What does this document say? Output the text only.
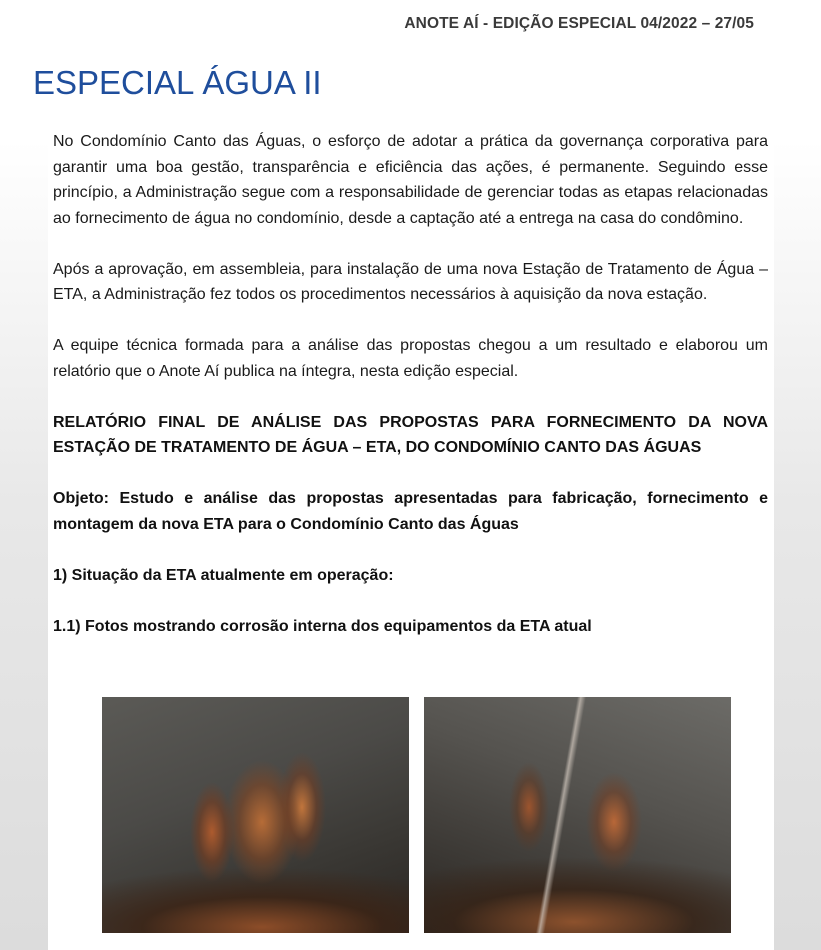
ANOTE AÍ - EDIÇÃO ESPECIAL 04/2022 – 27/05
ESPECIAL ÁGUA II

No Condomínio Canto das Águas, o esforço de adotar a prática da governança corporativa para garantir uma boa gestão, transparência e eficiência das ações, é permanente. Seguindo esse princípio, a Administração segue com a responsabilidade de gerenciar todas as etapas relacionadas ao fornecimento de água no condomínio, desde a captação até a entrega na casa do condômino.

Após a aprovação, em assembleia, para instalação de uma nova Estação de Tratamento de Água – ETA, a Administração fez todos os procedimentos necessários à aquisição da nova estação.

A equipe técnica formada para a análise das propostas chegou a um resultado e elaborou um relatório que o Anote Aí publica na íntegra, nesta edição especial.

RELATÓRIO FINAL DE ANÁLISE DAS PROPOSTAS PARA FORNECIMENTO DA NOVA ESTAÇÃO DE TRATAMENTO DE ÁGUA – ETA, DO CONDOMÍNIO CANTO DAS ÁGUAS

Objeto: Estudo e análise das propostas apresentadas para fabricação, fornecimento e montagem da nova ETA para o Condomínio Canto das Águas

1) Situação da ETA atualmente em operação:

1.1) Fotos mostrando corrosão interna dos equipamentos da ETA atual
